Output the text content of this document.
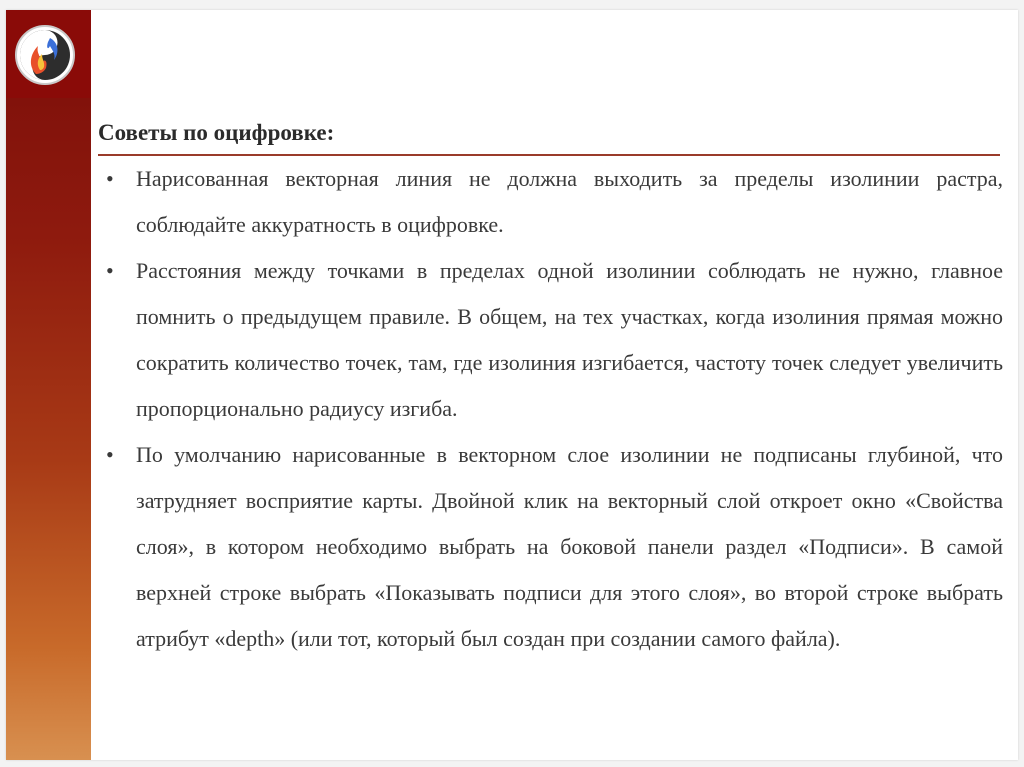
Советы по оцифровке:
• Нарисованная векторная линия не должна выходить за пределы изолинии растра, соблюдайте аккуратность в оцифровке.
• Расстояния между точками в пределах одной изолинии соблюдать не нужно, главное помнить о предыдущем правиле. В общем, на тех участках, когда изолиния прямая можно сократить количество точек, там, где изолиния изгибается, частоту точек следует увеличить пропорционально радиусу изгиба.
• По умолчанию нарисованные в векторном слое изолинии не подписаны глубиной, что затрудняет восприятие карты. Двойной клик на векторный слой откроет окно «Свойства слоя», в котором необходимо выбрать на боковой панели раздел «Подписи». В самой верхней строке выбрать «Показывать подписи для этого слоя», во второй строке выбрать атрибут «depth» (или тот, который был создан при создании самого файла).
